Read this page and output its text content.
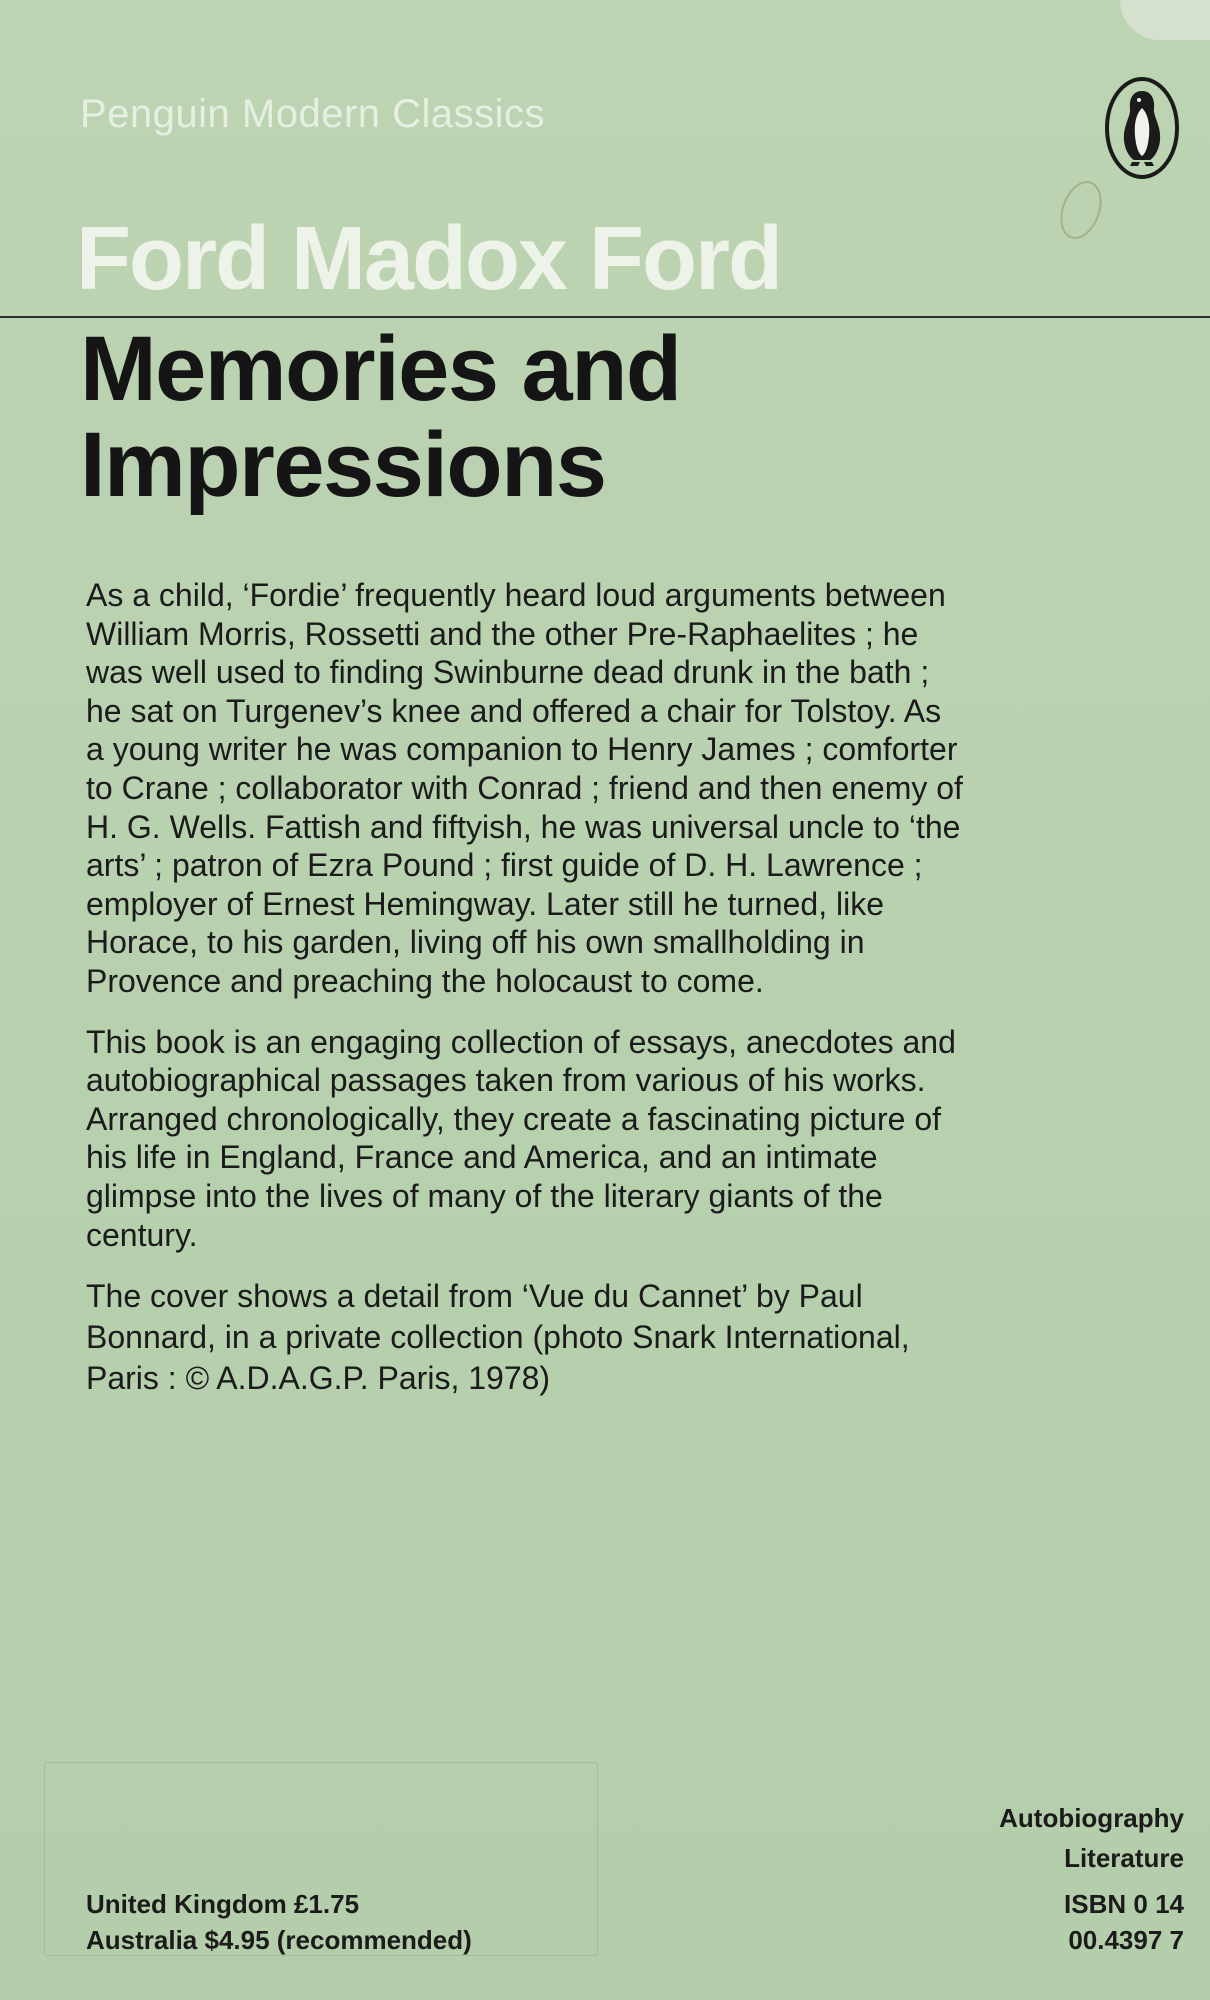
Penguin Modern Classics
Ford Madox Ford
Memories and
Impressions

As a child, ‘Fordie’ frequently heard loud arguments between William Morris, Rossetti and the other Pre-Raphaelites ; he was well used to finding Swinburne dead drunk in the bath ; he sat on Turgenev’s knee and offered a chair for Tolstoy. As a young writer he was companion to Henry James ; comforter to Crane ; collaborator with Conrad ; friend and then enemy of H. G. Wells. Fattish and fiftyish, he was universal uncle to ‘the arts’ ; patron of Ezra Pound ; first guide of D. H. Lawrence ; employer of Ernest Hemingway. Later still he turned, like Horace, to his garden, living off his own smallholding in Provence and preaching the holocaust to come.

This book is an engaging collection of essays, anecdotes and autobiographical passages taken from various of his works. Arranged chronologically, they create a fascinating picture of his life in England, France and America, and an intimate glimpse into the lives of many of the literary giants of the century.

The cover shows a detail from ‘Vue du Cannet’ by Paul Bonnard, in a private collection (photo Snark International, Paris : © A.D.A.G.P. Paris, 1978)

United Kingdom £1.75
Australia $4.95 (recommended)
Autobiography
Literature
ISBN 0 14
00.4397 7
